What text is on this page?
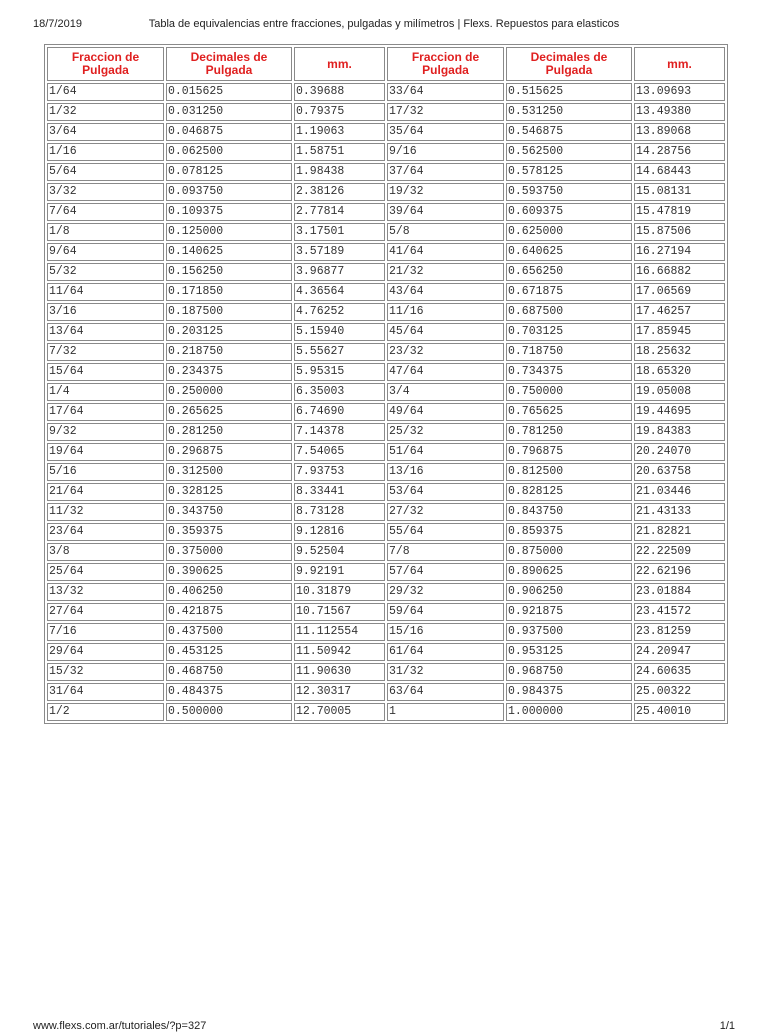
18/7/2019	Tabla de equivalencias entre fracciones, pulgadas y milímetros | Flexs. Repuestos para elasticos
Fraccion de Pulgada	Decimales de Pulgada	mm.	Fraccion de Pulgada	Decimales de Pulgada	mm.
1/64	0.015625	0.39688	33/64	0.515625	13.09693
1/32	0.031250	0.79375	17/32	0.531250	13.49380
3/64	0.046875	1.19063	35/64	0.546875	13.89068
1/16	0.062500	1.58751	9/16	0.562500	14.28756
5/64	0.078125	1.98438	37/64	0.578125	14.68443
3/32	0.093750	2.38126	19/32	0.593750	15.08131
7/64	0.109375	2.77814	39/64	0.609375	15.47819
1/8	0.125000	3.17501	5/8	0.625000	15.87506
9/64	0.140625	3.57189	41/64	0.640625	16.27194
5/32	0.156250	3.96877	21/32	0.656250	16.66882
11/64	0.171850	4.36564	43/64	0.671875	17.06569
3/16	0.187500	4.76252	11/16	0.687500	17.46257
13/64	0.203125	5.15940	45/64	0.703125	17.85945
7/32	0.218750	5.55627	23/32	0.718750	18.25632
15/64	0.234375	5.95315	47/64	0.734375	18.65320
1/4	0.250000	6.35003	3/4	0.750000	19.05008
17/64	0.265625	6.74690	49/64	0.765625	19.44695
9/32	0.281250	7.14378	25/32	0.781250	19.84383
19/64	0.296875	7.54065	51/64	0.796875	20.24070
5/16	0.312500	7.93753	13/16	0.812500	20.63758
21/64	0.328125	8.33441	53/64	0.828125	21.03446
11/32	0.343750	8.73128	27/32	0.843750	21.43133
23/64	0.359375	9.12816	55/64	0.859375	21.82821
3/8	0.375000	9.52504	7/8	0.875000	22.22509
25/64	0.390625	9.92191	57/64	0.890625	22.62196
13/32	0.406250	10.31879	29/32	0.906250	23.01884
27/64	0.421875	10.71567	59/64	0.921875	23.41572
7/16	0.437500	11.112554	15/16	0.937500	23.81259
29/64	0.453125	11.50942	61/64	0.953125	24.20947
15/32	0.468750	11.90630	31/32	0.968750	24.60635
31/64	0.484375	12.30317	63/64	0.984375	25.00322
1/2	0.500000	12.70005	1	1.000000	25.40010
www.flexs.com.ar/tutoriales/?p=327	1/1
